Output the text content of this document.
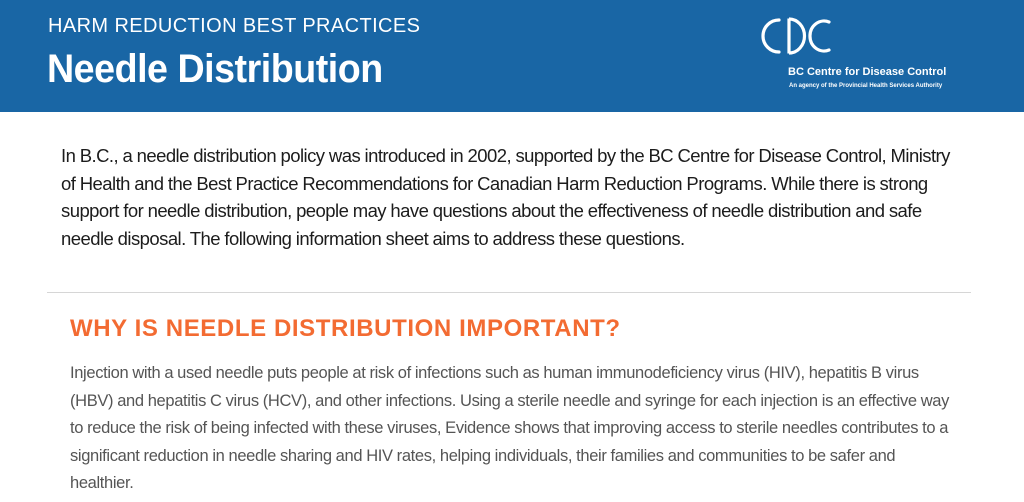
HARM REDUCTION BEST PRACTICES
Needle Distribution	BC Centre for Disease Control
An agency of the Provincial Health Services Authority

In B.C., a needle distribution policy was introduced in 2002, supported by the BC Centre for Disease Control, Ministry of Health and the Best Practice Recommendations for Canadian Harm Reduction Programs. While there is strong support for needle distribution, people may have questions about the effectiveness of needle distribution and safe needle disposal. The following information sheet aims to address these questions.

WHY IS NEEDLE DISTRIBUTION IMPORTANT?

Injection with a used needle puts people at risk of infections such as human immunodeficiency virus (HIV), hepatitis B virus (HBV) and hepatitis C virus (HCV), and other infections. Using a sterile needle and syringe for each injection is an effective way to reduce the risk of being infected with these viruses, Evidence shows that improving access to sterile needles contributes to a significant reduction in needle sharing and HIV rates, helping individuals, their families and communities to be safer and healthier.
